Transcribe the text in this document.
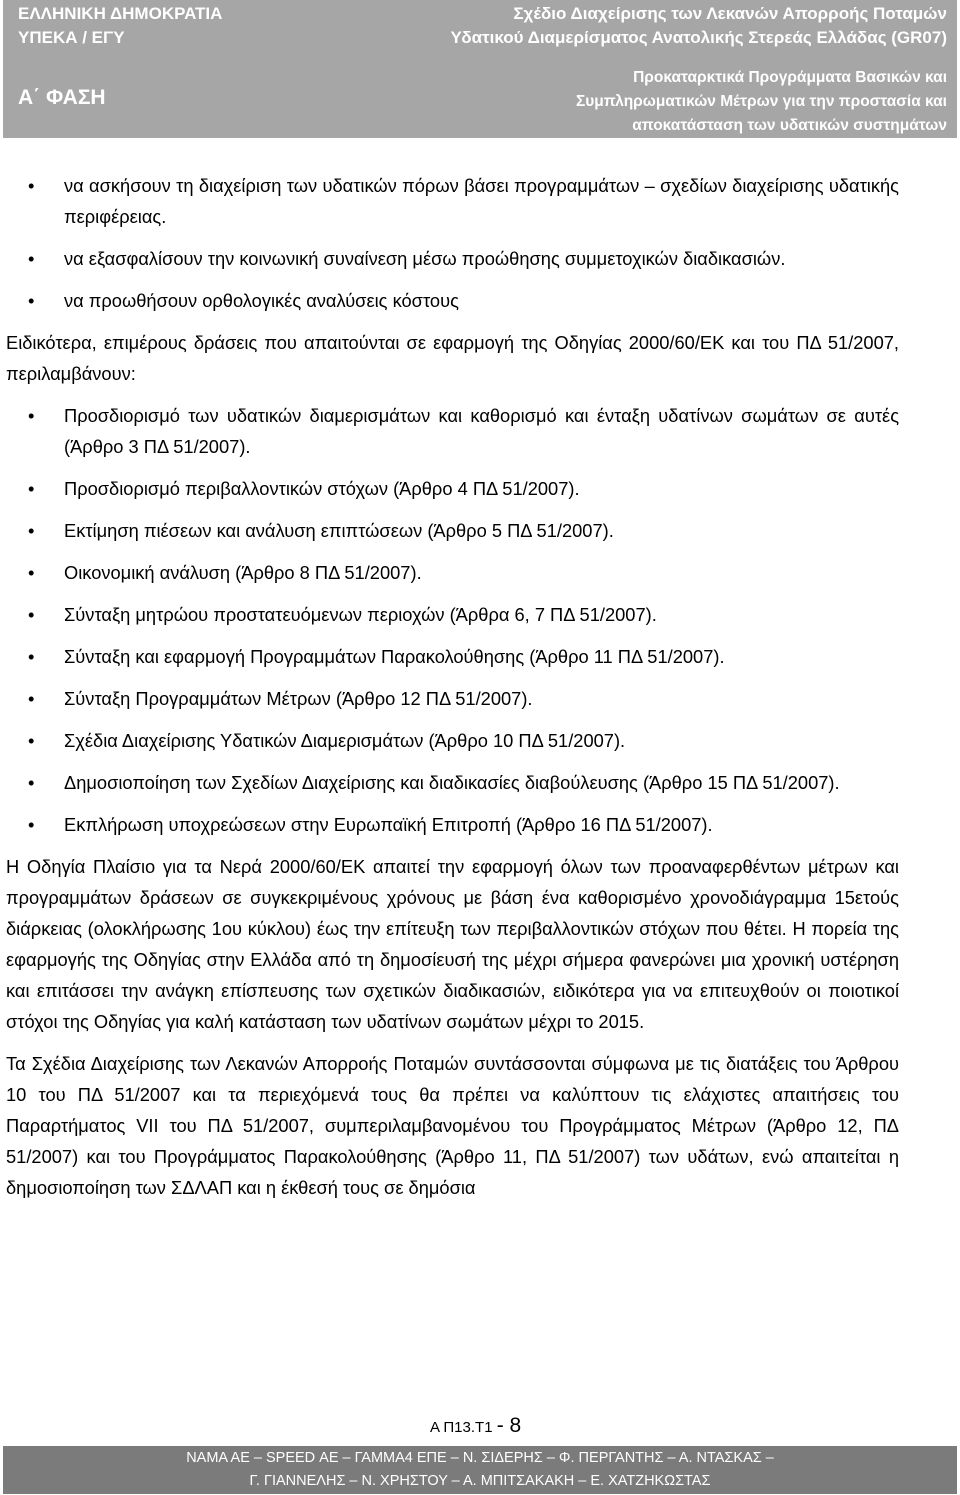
ΕΛΛΗΝΙΚΗ ΔΗΜΟΚΡΑΤΙΑ
ΥΠΕΚΑ / ΕΓΥ
Α΄ ΦΑΣΗ
Σχέδιο Διαχείρισης των Λεκανών Απορροής Ποταμών
Υδατικού Διαμερίσματος Ανατολικής Στερεάς Ελλάδας (GR07)
Προκαταρκτικά Προγράμματα Βασικών και
Συμπληρωματικών Μέτρων για την προστασία και
αποκατάσταση των υδατικών συστημάτων
• να ασκήσουν τη διαχείριση των υδατικών πόρων βάσει προγραμμάτων – σχεδίων διαχείρισης υδατικής περιφέρειας.
• να εξασφαλίσουν την κοινωνική συναίνεση μέσω προώθησης συμμετοχικών διαδικασιών.
• να προωθήσουν ορθολογικές αναλύσεις κόστους
Ειδικότερα, επιμέρους δράσεις που απαιτούνται σε εφαρμογή της Οδηγίας 2000/60/ΕΚ και του ΠΔ 51/2007, περιλαμβάνουν:
• Προσδιορισμό των υδατικών διαμερισμάτων και καθορισμό και ένταξη υδατίνων σωμάτων σε αυτές (Άρθρο 3 ΠΔ 51/2007).
• Προσδιορισμό περιβαλλοντικών στόχων (Άρθρο 4 ΠΔ 51/2007).
• Εκτίμηση πιέσεων και ανάλυση επιπτώσεων (Άρθρο 5 ΠΔ 51/2007).
• Οικονομική ανάλυση (Άρθρο 8 ΠΔ 51/2007).
• Σύνταξη μητρώου προστατευόμενων περιοχών (Άρθρα 6, 7 ΠΔ 51/2007).
• Σύνταξη και εφαρμογή Προγραμμάτων Παρακολούθησης (Άρθρο 11 ΠΔ 51/2007).
• Σύνταξη Προγραμμάτων Μέτρων (Άρθρο 12 ΠΔ 51/2007).
• Σχέδια Διαχείρισης Υδατικών Διαμερισμάτων (Άρθρο 10 ΠΔ 51/2007).
• Δημοσιοποίηση των Σχεδίων Διαχείρισης και διαδικασίες διαβούλευσης (Άρθρο 15 ΠΔ 51/2007).
• Εκπλήρωση υποχρεώσεων στην Ευρωπαϊκή Επιτροπή (Άρθρο 16 ΠΔ 51/2007).
Η Οδηγία Πλαίσιο για τα Νερά 2000/60/ΕΚ απαιτεί την εφαρμογή όλων των προαναφερθέντων μέτρων και προγραμμάτων δράσεων σε συγκεκριμένους χρόνους με βάση ένα καθορισμένο χρονοδιάγραμμα 15ετούς διάρκειας (ολοκλήρωσης 1ου κύκλου) έως την επίτευξη των περιβαλλοντικών στόχων που θέτει. Η πορεία της εφαρμογής της Οδηγίας στην Ελλάδα από τη δημοσίευσή της μέχρι σήμερα φανερώνει μια χρονική υστέρηση και επιτάσσει την ανάγκη επίσπευσης των σχετικών διαδικασιών, ειδικότερα για να επιτευχθούν οι ποιοτικοί στόχοι της Οδηγίας για καλή κατάσταση των υδατίνων σωμάτων μέχρι το 2015.
Τα Σχέδια Διαχείρισης των Λεκανών Απορροής Ποταμών συντάσσονται σύμφωνα με τις διατάξεις του Άρθρου 10 του ΠΔ 51/2007 και τα περιεχόμενά τους θα πρέπει να καλύπτουν τις ελάχιστες απαιτήσεις του Παραρτήματος VII του ΠΔ 51/2007, συμπεριλαμβανομένου του Προγράμματος Μέτρων (Άρθρο 12, ΠΔ 51/2007) και του Προγράμματος Παρακολούθησης (Άρθρο 11, ΠΔ 51/2007) των υδάτων, ενώ απαιτείται η δημοσιοποίηση των ΣΔΛΑΠ και η έκθεσή τους σε δημόσια
Α Π13.Τ1 - 8
ΝΑΜΑ ΑΕ – SPEED ΑΕ – ΓΑΜΜΑ4 ΕΠΕ – Ν. ΣΙΔΕΡΗΣ – Φ. ΠΕΡΓΑΝΤΗΣ – Α. ΝΤΑΣΚΑΣ –
Γ. ΓΙΑΝΝΕΛΗΣ – Ν. ΧΡΗΣΤΟΥ – Α. ΜΠΙΤΣΑΚΑΚΗ – Ε. ΧΑΤΖΗΚΩΣΤΑΣ
